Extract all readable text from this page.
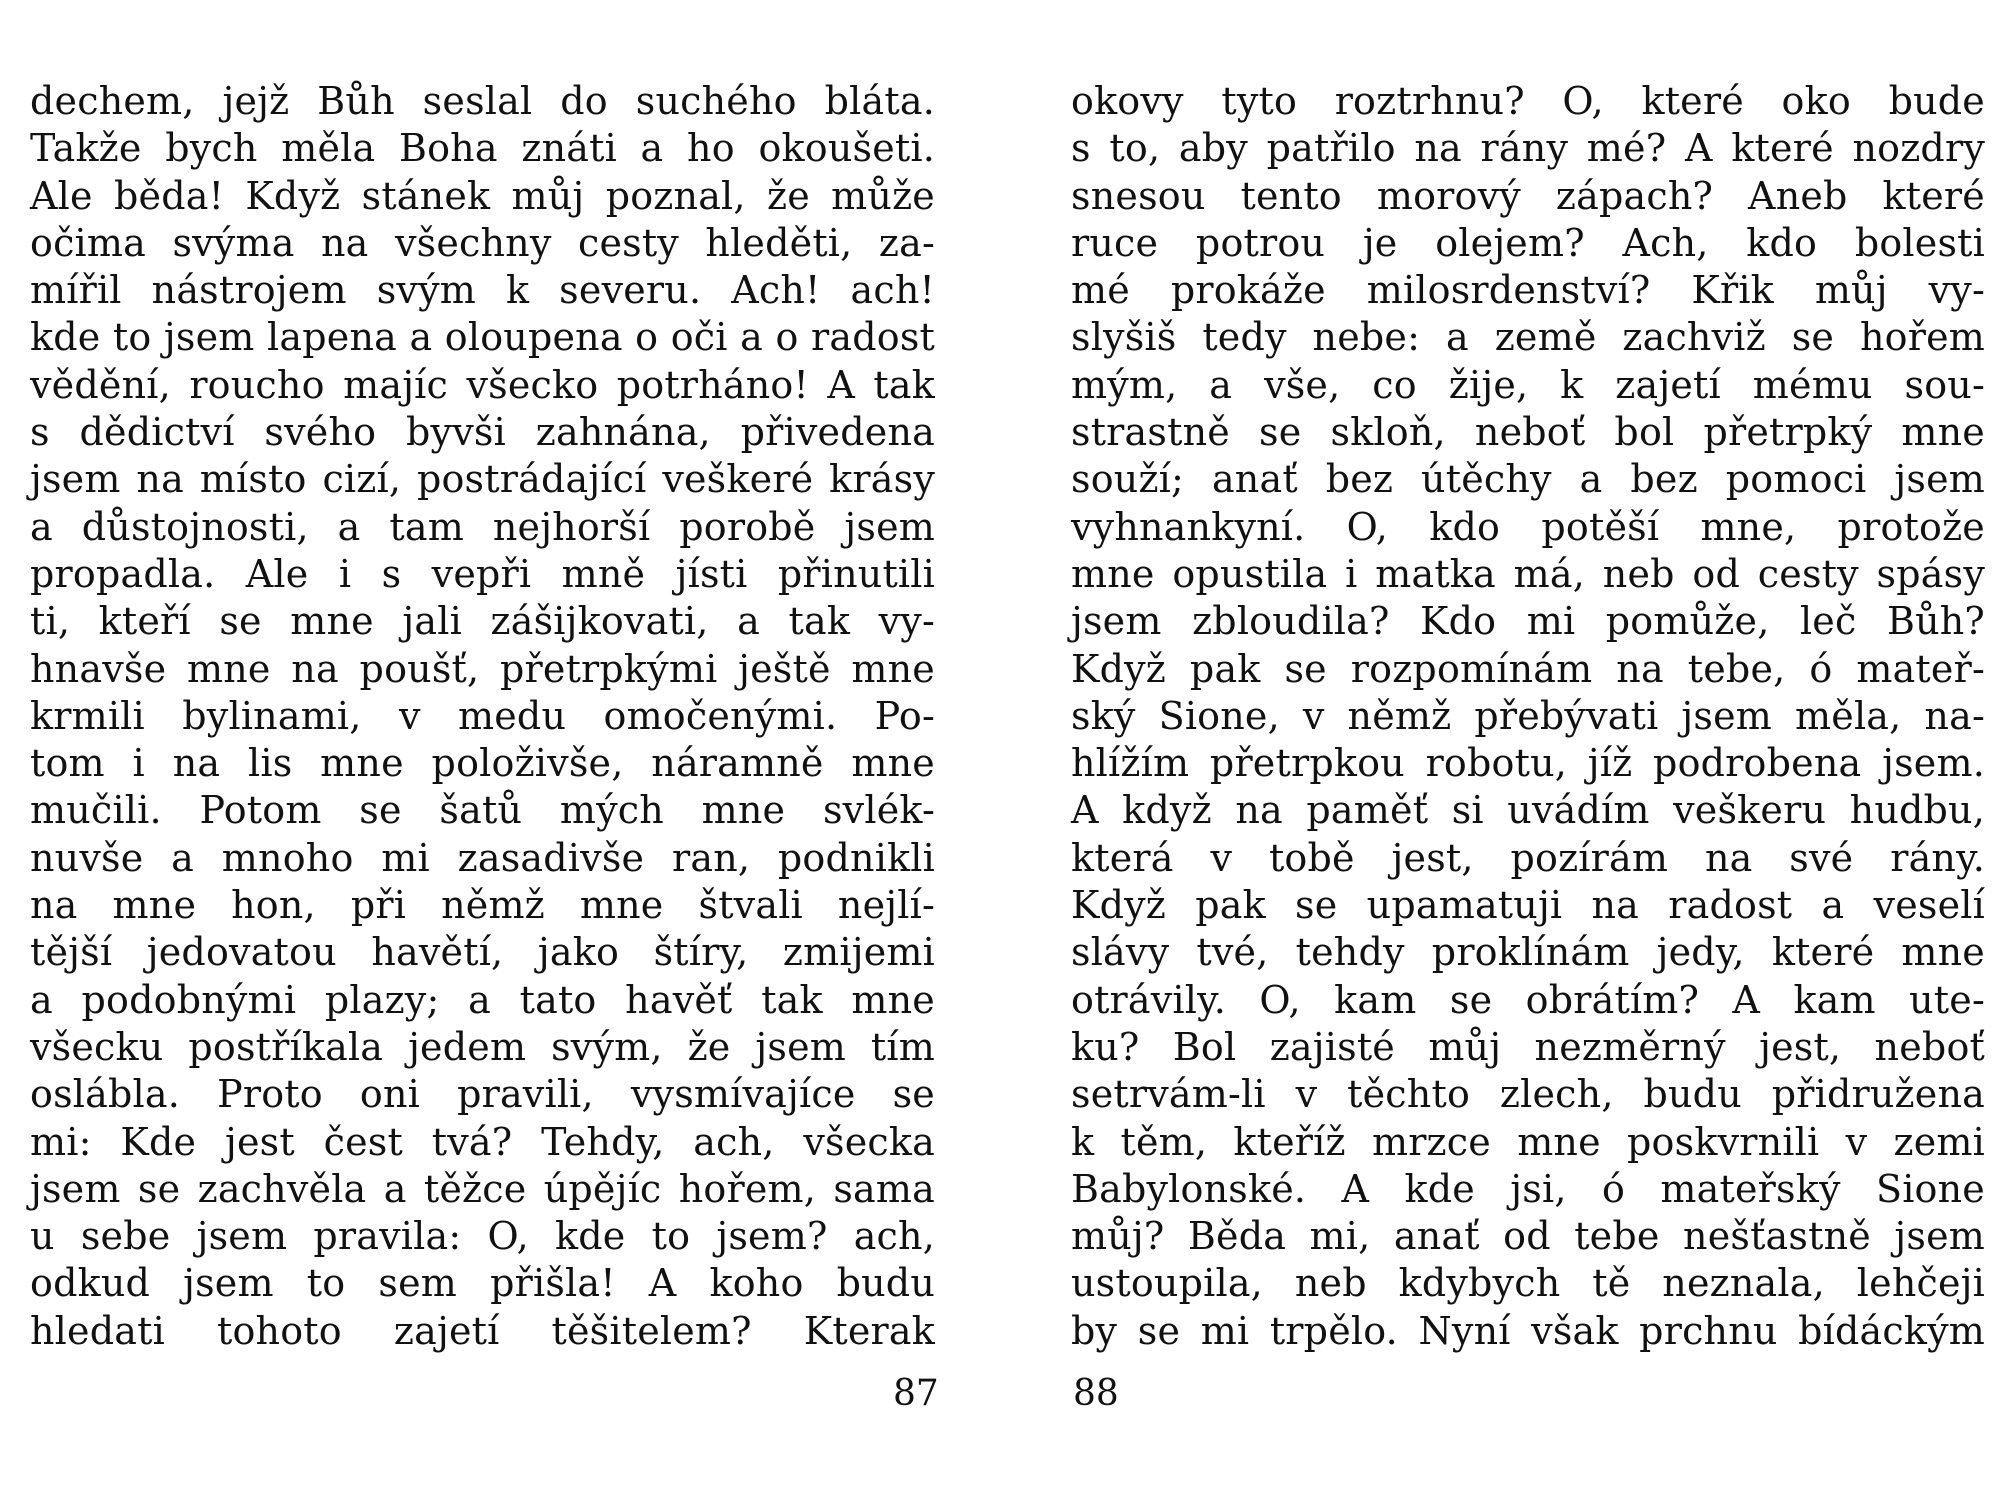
dechem, jejž Bůh seslal do suchého bláta.
Takže bych měla Boha znáti a ho okoušeti.
Ale běda! Když stánek můj poznal, že může
očima svýma na všechny cesty hleděti, za-
mířil nástrojem svým k severu. Ach! ach!
kde to jsem lapena a oloupena o oči a o radost
vědění, roucho majíc všecko potrháno! A tak
s dědictví svého byvši zahnána, přivedena
jsem na místo cizí, postrádající veškeré krásy
a důstojnosti, a tam nejhorší porobě jsem
propadla. Ale i s vepři mně jísti přinutili
ti, kteří se mne jali zášijkovati, a tak vy-
hnavše mne na poušť, přetrpkými ještě mne
krmili bylinami, v medu omočenými. Po-
tom i na lis mne položivše, náramně mne
mučili. Potom se šatů mých mne svlék-
nuvše a mnoho mi zasadivše ran, podnikli
na mne hon, při němž mne štvali nejlí-
tější jedovatou havětí, jako štíry, zmijemi
a podobnými plazy; a tato havěť tak mne
všecku postříkala jedem svým, že jsem tím
oslábla. Proto oni pravili, vysmívajíce se
mi: Kde jest čest tvá? Tehdy, ach, všecka
jsem se zachvěla a těžce úpějíc hořem, sama
u sebe jsem pravila: O, kde to jsem? ach,
odkud jsem to sem přišla! A koho budu
hledati tohoto zajetí těšitelem? Kterak
okovy tyto roztrhnu? O, které oko bude
s to, aby patřilo na rány mé? A které nozdry
snesou tento morový zápach? Aneb které
ruce potrou je olejem? Ach, kdo bolesti
mé prokáže milosrdenství? Křik můj vy-
slyšiš tedy nebe: a země zachviž se hořem
mým, a vše, co žije, k zajetí mému sou-
strastně se skloň, neboť bol přetrpký mne
souží; anať bez útěchy a bez pomoci jsem
vyhnankyní. O, kdo potěší mne, protože
mne opustila i matka má, neb od cesty spásy
jsem zbloudila? Kdo mi pomůže, leč Bůh?
Když pak se rozpomínám na tebe, ó mateř-
ský Sione, v němž přebývati jsem měla, na-
hlížím přetrpkou robotu, jíž podrobena jsem.
A když na paměť si uvádím veškeru hudbu,
která v tobě jest, pozírám na své rány.
Když pak se upamatuji na radost a veselí
slávy tvé, tehdy proklínám jedy, které mne
otrávily. O, kam se obrátím? A kam ute-
ku? Bol zajisté můj nezměrný jest, neboť
setrvám-li v těchto zlech, budu přidružena
k těm, kteříž mrzce mne poskvrnili v zemi
Babylonské. A kde jsi, ó mateřský Sione
můj? Běda mi, anať od tebe nešťastně jsem
ustoupila, neb kdybych tě neznala, lehčeji
by se mi trpělo. Nyní však prchnu bídáckým
87	88
